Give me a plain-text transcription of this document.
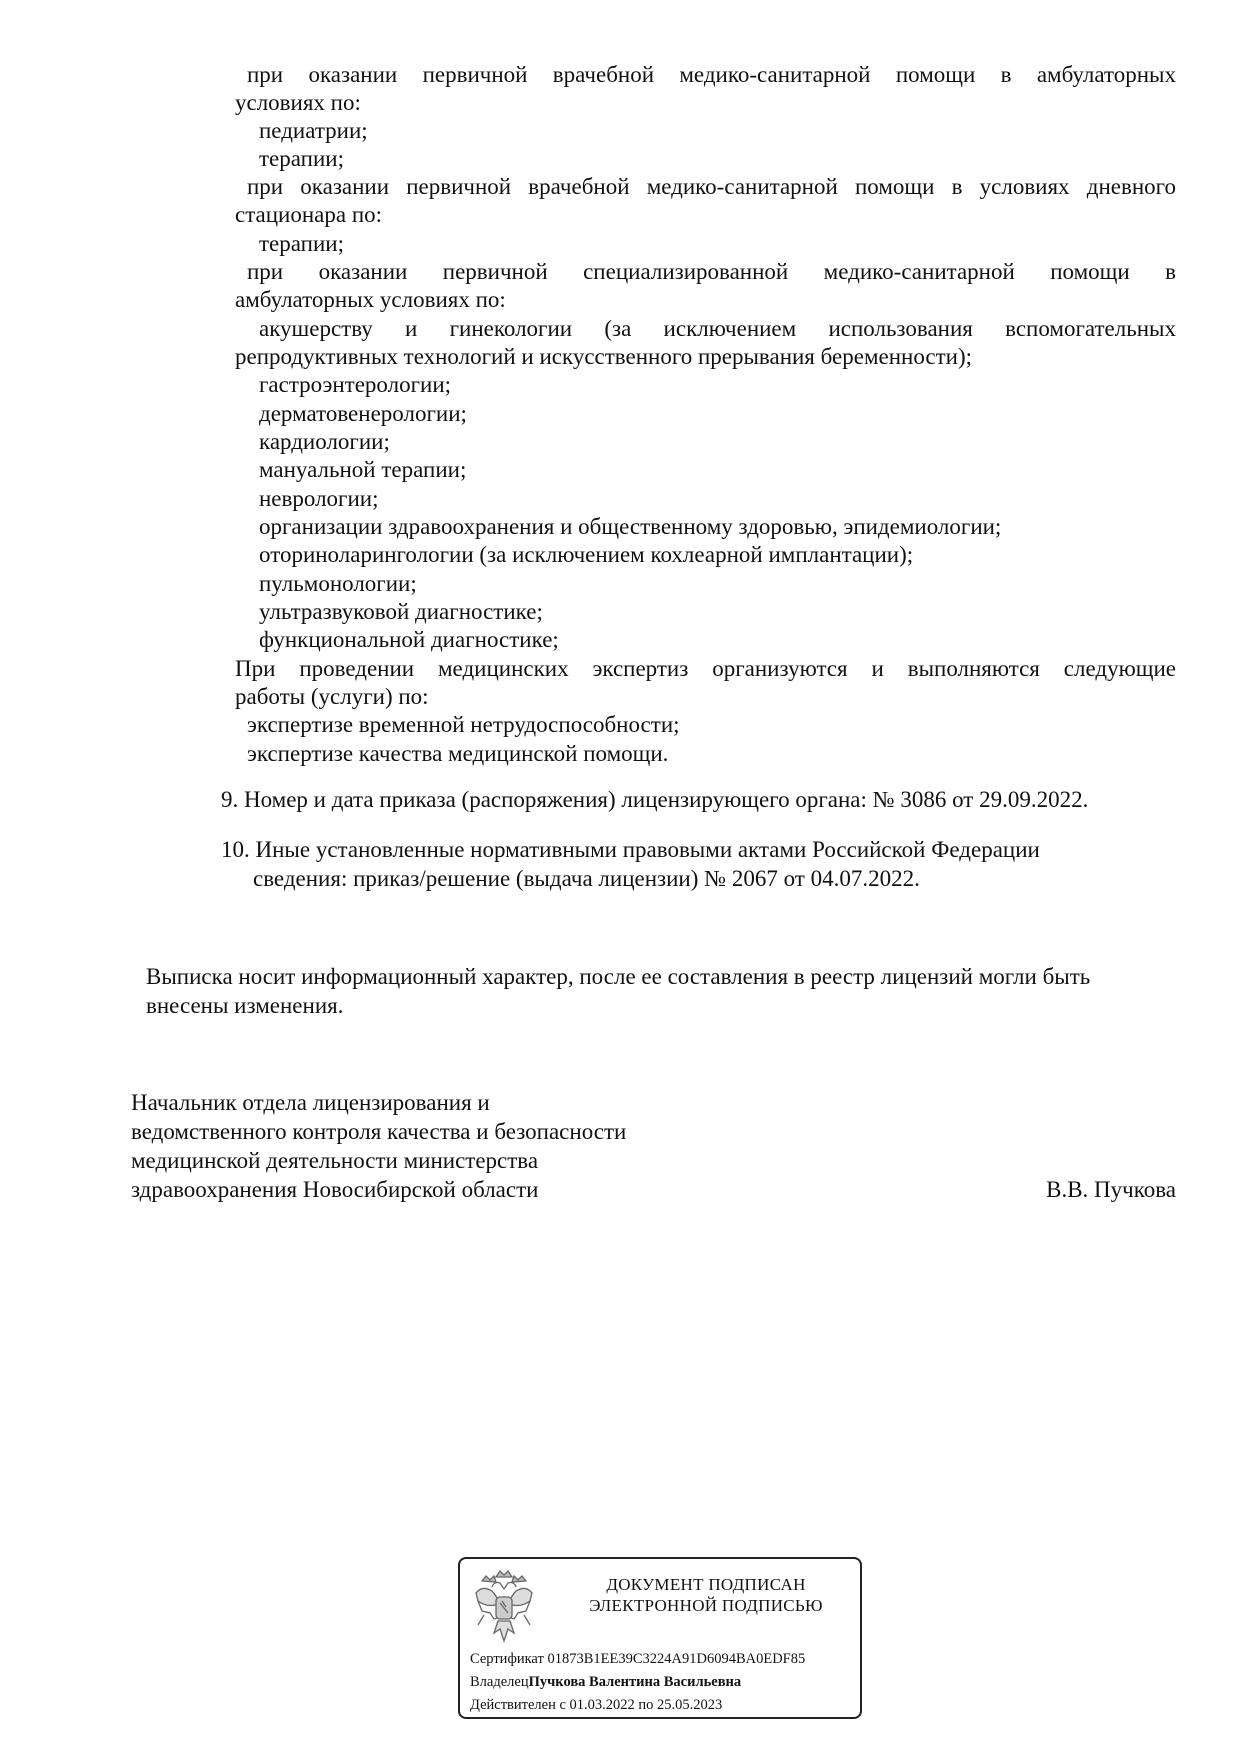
при оказании первичной врачебной медико-санитарной помощи в амбулаторных
условиях по:
педиатрии;
терапии;
при оказании первичной врачебной медико-санитарной помощи в условиях дневного
стационара по:
терапии;
при оказании первичной специализированной медико-санитарной помощи в
амбулаторных условиях по:
акушерству и гинекологии (за исключением использования вспомогательных
репродуктивных технологий и искусственного прерывания беременности);
гастроэнтерологии;
дерматовенерологии;
кардиологии;
мануальной терапии;
неврологии;
организации здравоохранения и общественному здоровью, эпидемиологии;
оториноларингологии (за исключением кохлеарной имплантации);
пульмонологии;
ультразвуковой диагностике;
функциональной диагностике;
При проведении медицинских экспертиз организуются и выполняются следующие
работы (услуги) по:
экспертизе временной нетрудоспособности;
экспертизе качества медицинской помощи.
9. Номер и дата приказа (распоряжения) лицензирующего органа: № 3086 от 29.09.2022.
10. Иные установленные нормативными правовыми актами Российской Федерации
сведения: приказ/решение (выдача лицензии) № 2067 от 04.07.2022.
Выписка носит информационный характер, после ее составления в реестр лицензий могли быть
внесены изменения.
Начальник отдела лицензирования и
ведомственного контроля качества и безопасности
медицинской деятельности министерства
здравоохранения Новосибирской области	В.В. Пучкова
ДОКУМЕНТ ПОДПИСАН
ЭЛЕКТРОННОЙ ПОДПИСЬЮ
Сертификат 01873B1EE39C3224A91D6094BA0EDF85
ВладелецПучкова Валентина Васильевна
Действителен с 01.03.2022 по 25.05.2023
